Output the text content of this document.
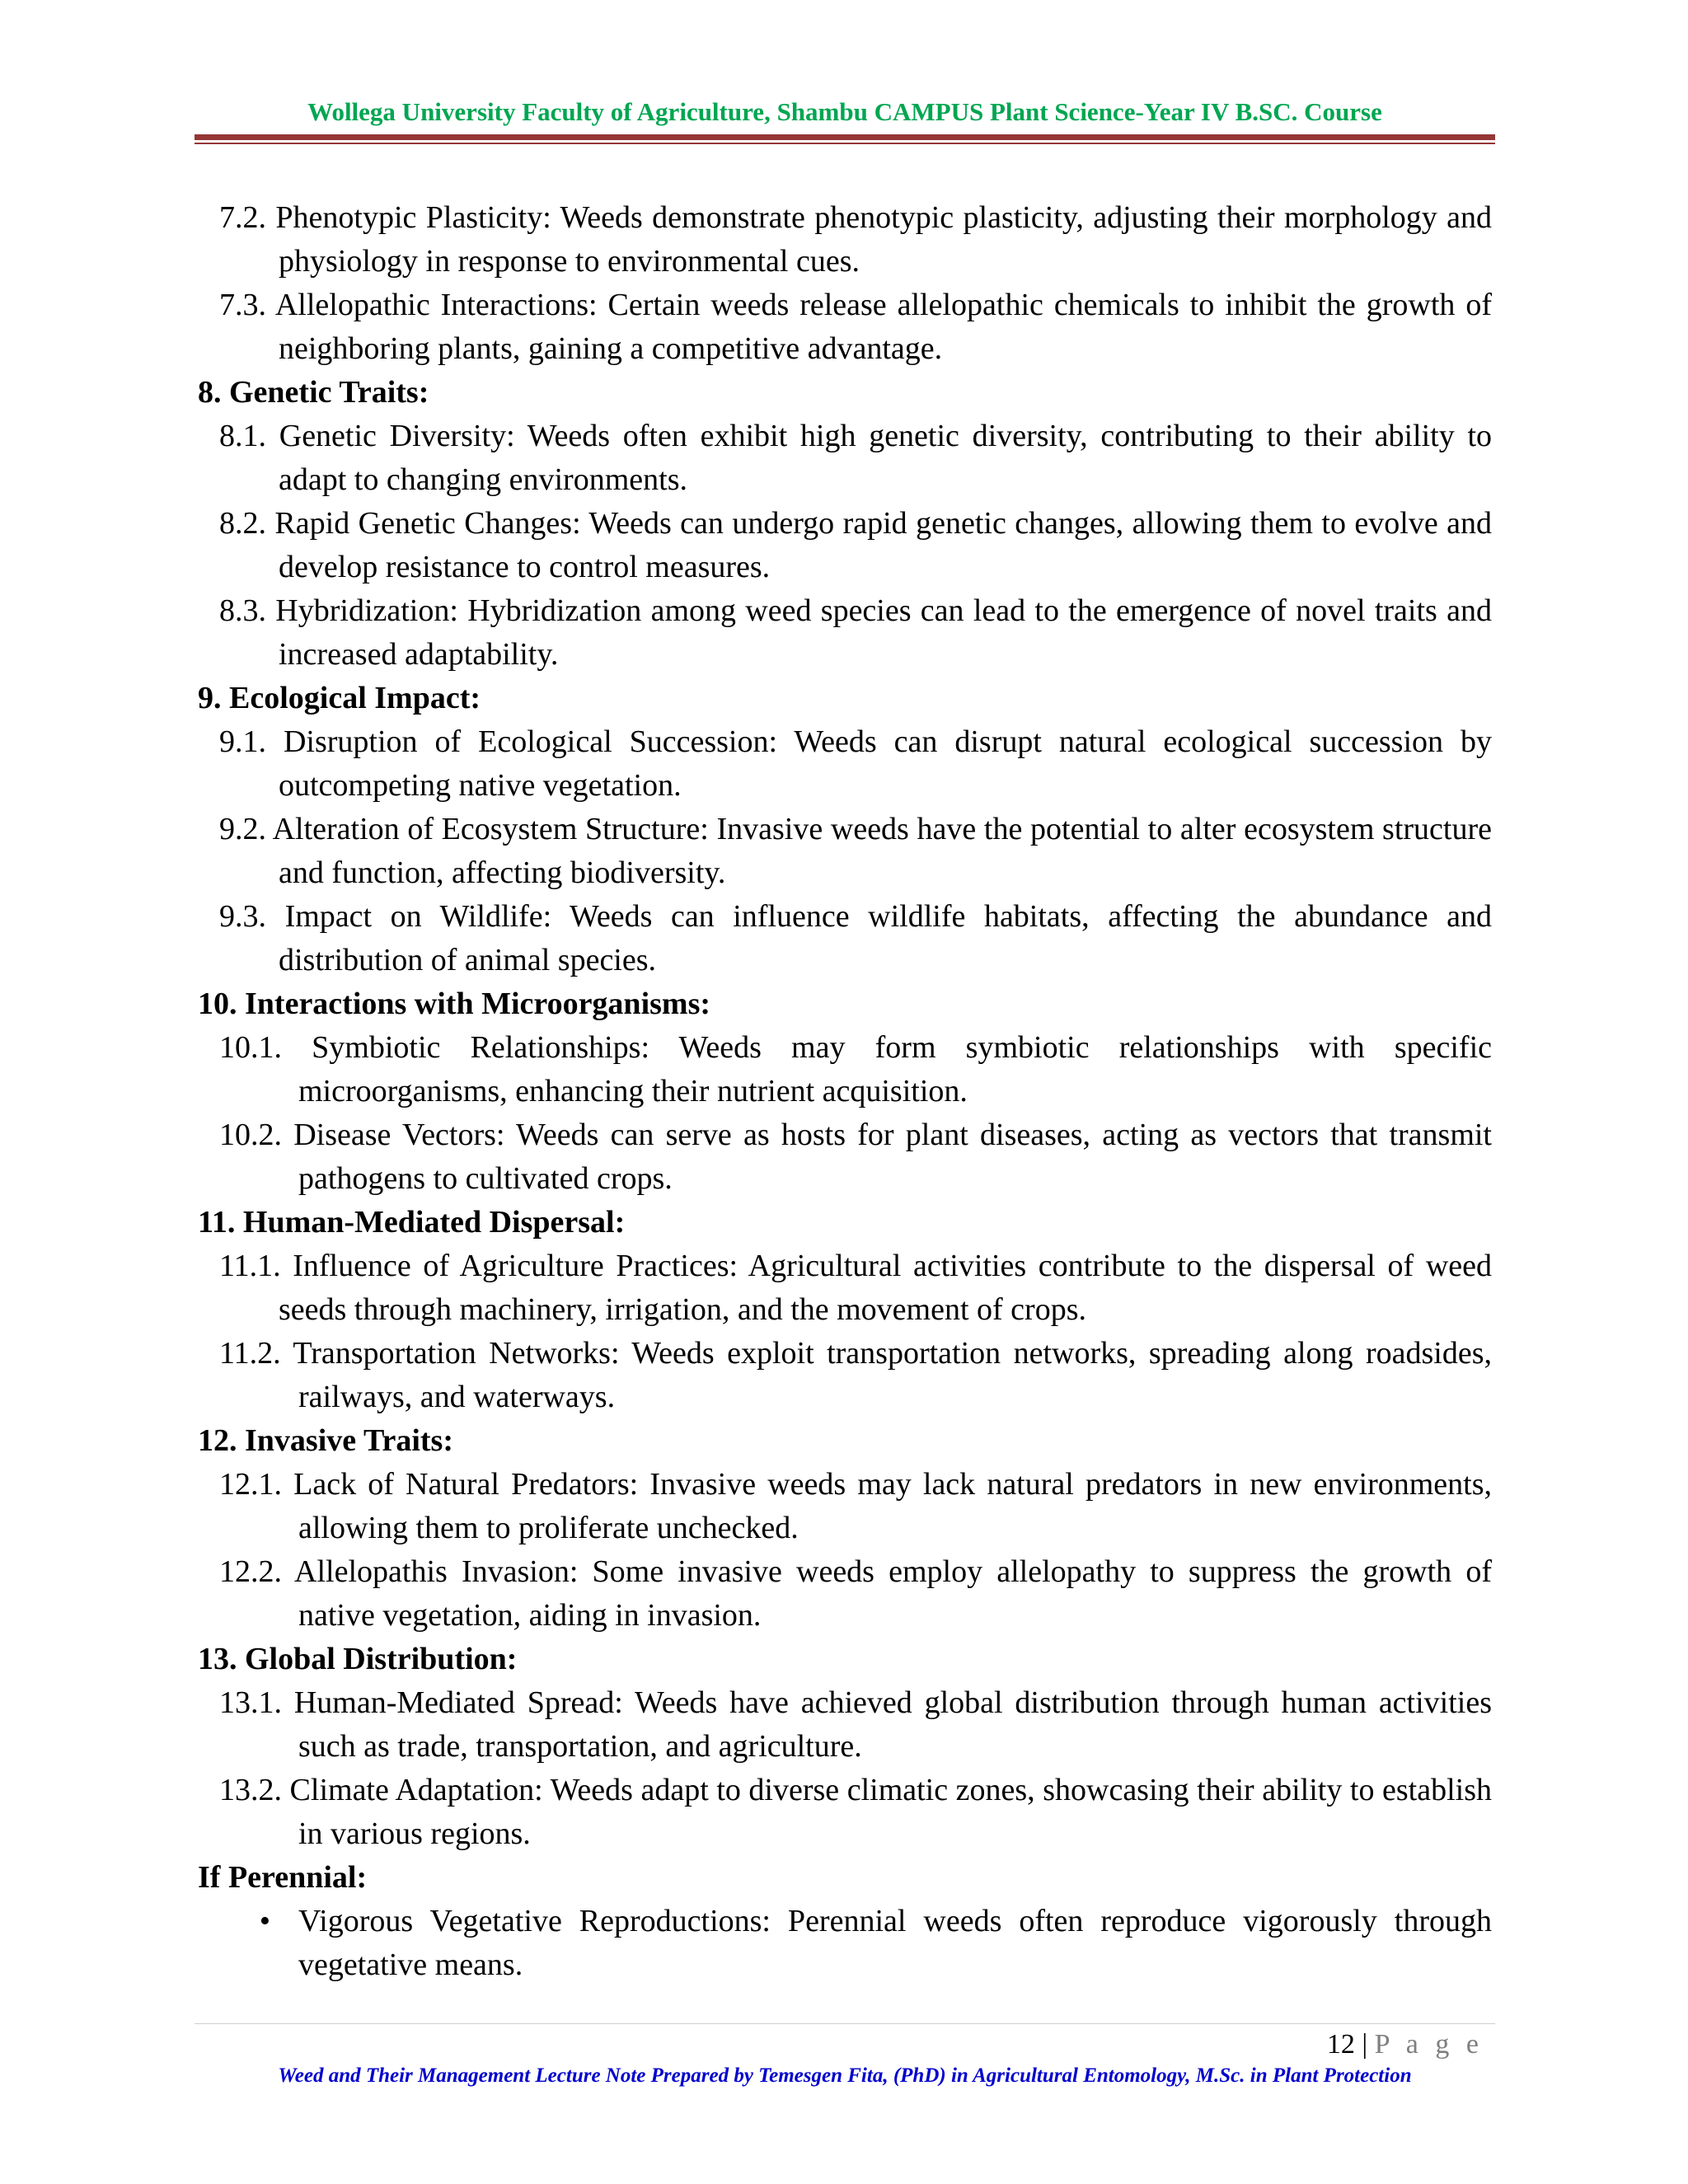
Wollega University Faculty of Agriculture, Shambu CAMPUS Plant Science-Year IV B.SC. Course

7.2. Phenotypic Plasticity: Weeds demonstrate phenotypic plasticity, adjusting their morphology and physiology in response to environmental cues.

7.3. Allelopathic Interactions: Certain weeds release allelopathic chemicals to inhibit the growth of neighboring plants, gaining a competitive advantage.

8. Genetic Traits:

8.1. Genetic Diversity: Weeds often exhibit high genetic diversity, contributing to their ability to adapt to changing environments.

8.2. Rapid Genetic Changes: Weeds can undergo rapid genetic changes, allowing them to evolve and develop resistance to control measures.

8.3. Hybridization: Hybridization among weed species can lead to the emergence of novel traits and increased adaptability.

9. Ecological Impact:

9.1. Disruption of Ecological Succession: Weeds can disrupt natural ecological succession by outcompeting native vegetation.

9.2. Alteration of Ecosystem Structure: Invasive weeds have the potential to alter ecosystem structure and function, affecting biodiversity.

9.3. Impact on Wildlife: Weeds can influence wildlife habitats, affecting the abundance and distribution of animal species.

10. Interactions with Microorganisms:

10.1. Symbiotic Relationships: Weeds may form symbiotic relationships with specific microorganisms, enhancing their nutrient acquisition.

10.2. Disease Vectors: Weeds can serve as hosts for plant diseases, acting as vectors that transmit pathogens to cultivated crops.

11. Human-Mediated Dispersal:

11.1. Influence of Agriculture Practices: Agricultural activities contribute to the dispersal of weed seeds through machinery, irrigation, and the movement of crops.

11.2. Transportation Networks: Weeds exploit transportation networks, spreading along roadsides, railways, and waterways.

12. Invasive Traits:

12.1. Lack of Natural Predators: Invasive weeds may lack natural predators in new environments, allowing them to proliferate unchecked.

12.2. Allelopathis Invasion: Some invasive weeds employ allelopathy to suppress the growth of native vegetation, aiding in invasion.

13. Global Distribution:

13.1. Human-Mediated Spread: Weeds have achieved global distribution through human activities such as trade, transportation, and agriculture.

13.2. Climate Adaptation: Weeds adapt to diverse climatic zones, showcasing their ability to establish in various regions.

If Perennial:

• Vigorous Vegetative Reproductions: Perennial weeds often reproduce vigorously through vegetative means.
12 | P a g e
Weed and Their Management Lecture Note Prepared by Temesgen Fita, (PhD) in Agricultural Entomology, M.Sc. in Plant Protection
